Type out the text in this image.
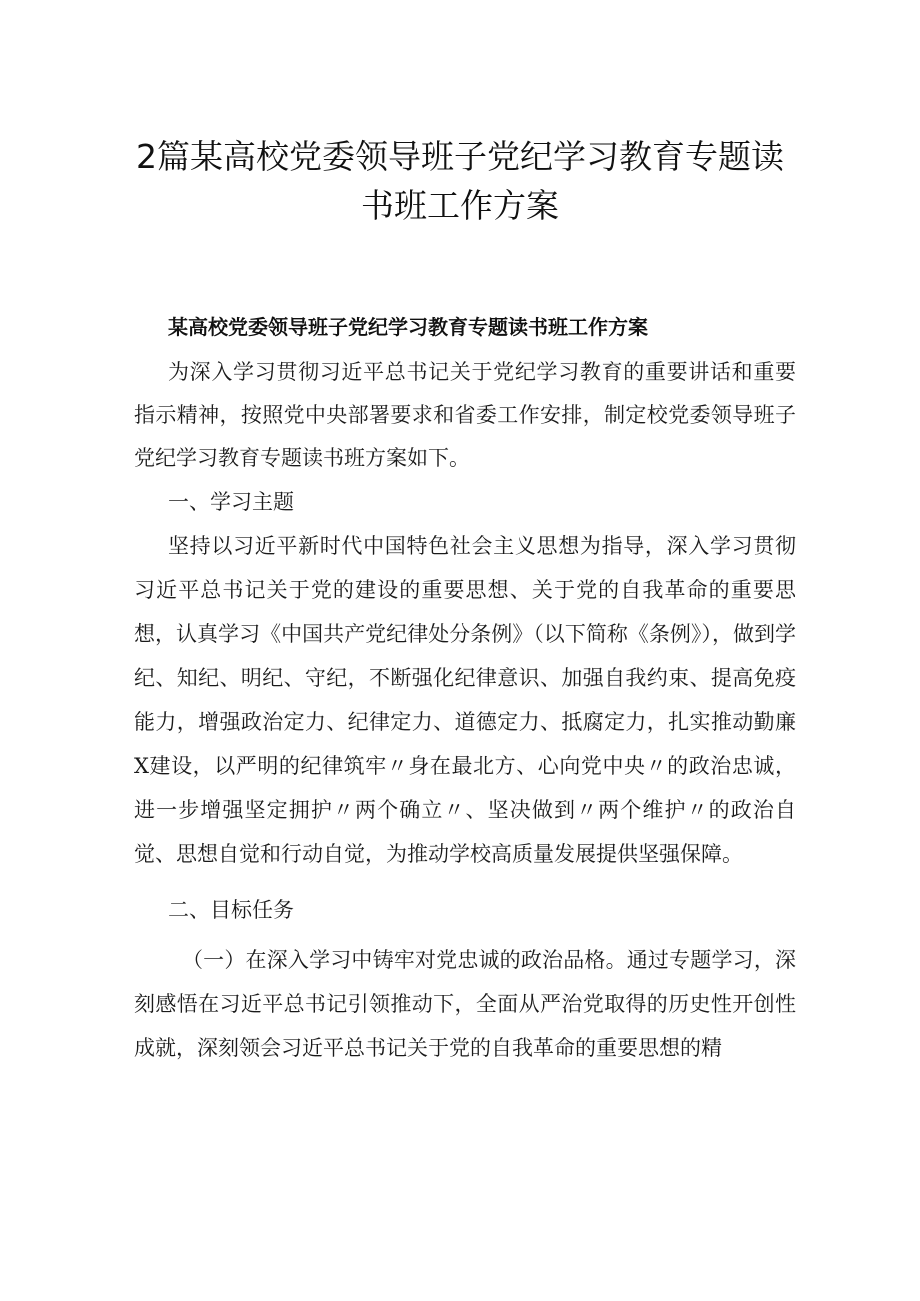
2篇某高校党委领导班子党纪学习教育专题读
书班工作方案

某高校党委领导班子党纪学习教育专题读书班工作方案

为深入学习贯彻习近平总书记关于党纪学习教育的重要讲话和重要指示精神，按照党中央部署要求和省委工作安排，制定校党委领导班子党纪学习教育专题读书班方案如下。

一、学习主题

坚持以习近平新时代中国特色社会主义思想为指导，深入学习贯彻习近平总书记关于党的建设的重要思想、关于党的自我革命的重要思想，认真学习《中国共产党纪律处分条例》（以下简称《条例》），做到学纪、知纪、明纪、守纪，不断强化纪律意识、加强自我约束、提高免疫能力，增强政治定力、纪律定力、道德定力、抵腐定力，扎实推动勤廉X建设，以严明的纪律筑牢〃身在最北方、心向党中央〃的政治忠诚，进一步增强坚定拥护〃两个确立〃、坚决做到〃两个维护〃的政治自觉、思想自觉和行动自觉，为推动学校高质量发展提供坚强保障。

二、目标任务

（一）在深入学习中铸牢对党忠诚的政治品格。通过专题学习，深刻感悟在习近平总书记引领推动下，全面从严治党取得的历史性开创性成就，深刻领会习近平总书记关于党的自我革命的重要思想的精
